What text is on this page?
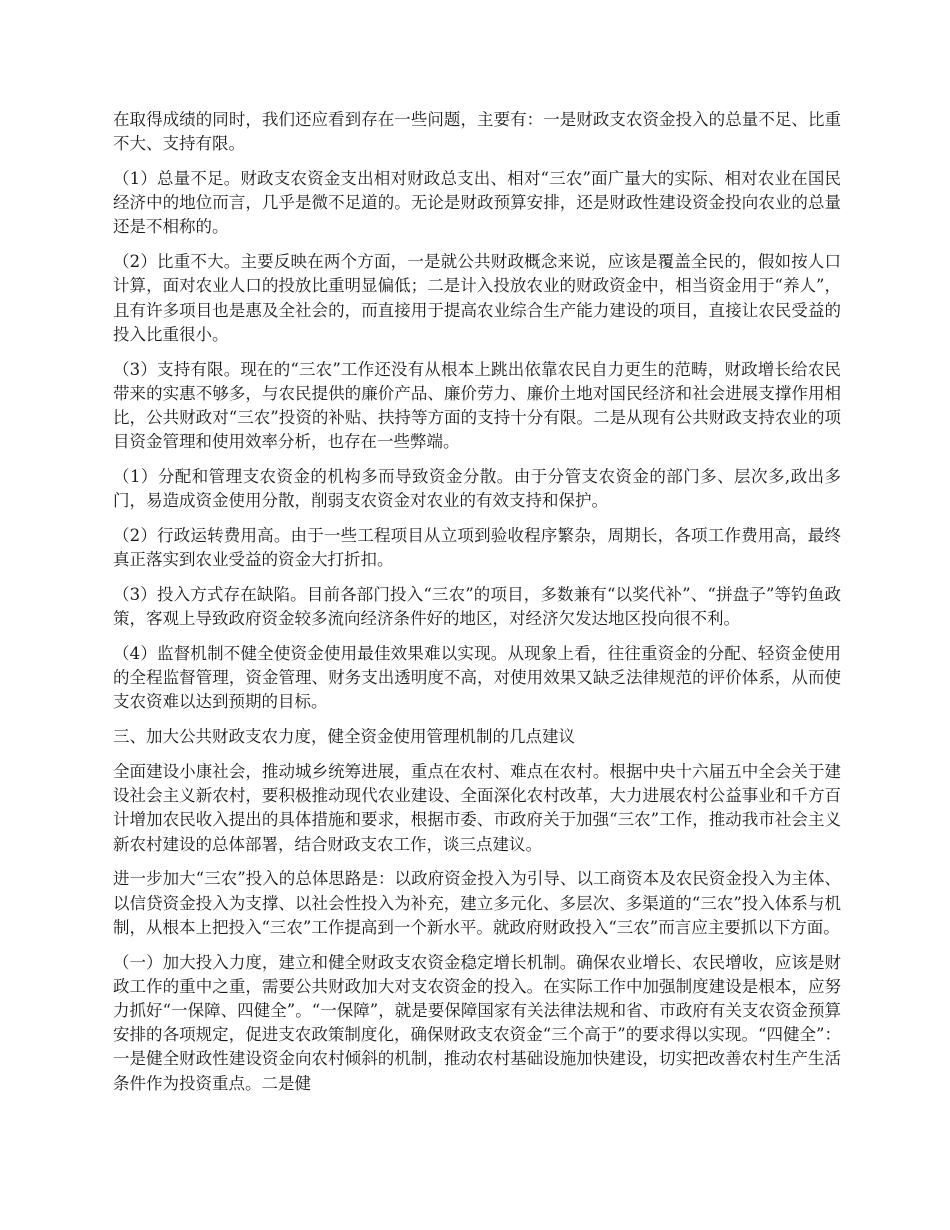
在取得成绩的同时，我们还应看到存在一些问题，主要有：一是财政支农资金投入的总量不足、比重不大、支持有限。

（1）总量不足。财政支农资金支出相对财政总支出、相对“三农”面广量大的实际、相对农业在国民经济中的地位而言，几乎是微不足道的。无论是财政预算安排，还是财政性建设资金投向农业的总量还是不相称的。

（2）比重不大。主要反映在两个方面，一是就公共财政概念来说，应该是覆盖全民的，假如按人口计算，面对农业人口的投放比重明显偏低；二是计入投放农业的财政资金中，相当资金用于“养人”，且有许多项目也是惠及全社会的，而直接用于提高农业综合生产能力建设的项目，直接让农民受益的投入比重很小。

（3）支持有限。现在的“三农”工作还没有从根本上跳出依靠农民自力更生的范畴，财政增长给农民带来的实惠不够多，与农民提供的廉价产品、廉价劳力、廉价土地对国民经济和社会进展支撑作用相比，公共财政对“三农”投资的补贴、扶持等方面的支持十分有限。二是从现有公共财政支持农业的项目资金管理和使用效率分析，也存在一些弊端。

（1）分配和管理支农资金的机构多而导致资金分散。由于分管支农资金的部门多、层次多,政出多门，易造成资金使用分散，削弱支农资金对农业的有效支持和保护。

（2）行政运转费用高。由于一些工程项目从立项到验收程序繁杂，周期长，各项工作费用高，最终真正落实到农业受益的资金大打折扣。

（3）投入方式存在缺陷。目前各部门投入“三农”的项目，多数兼有“以奖代补”、“拼盘子”等钓鱼政策，客观上导致政府资金较多流向经济条件好的地区，对经济欠发达地区投向很不利。

（4）监督机制不健全使资金使用最佳效果难以实现。从现象上看，往往重资金的分配、轻资金使用的全程监督管理，资金管理、财务支出透明度不高，对使用效果又缺乏法律规范的评价体系，从而使支农资难以达到预期的目标。

三、加大公共财政支农力度，健全资金使用管理机制的几点建议

全面建设小康社会，推动城乡统筹进展，重点在农村、难点在农村。根据中央十六届五中全会关于建设社会主义新农村，要积极推动现代农业建设、全面深化农村改革，大力进展农村公益事业和千方百计增加农民收入提出的具体措施和要求，根据市委、市政府关于加强“三农”工作，推动我市社会主义新农村建设的总体部署，结合财政支农工作，谈三点建议。

进一步加大“三农”投入的总体思路是：以政府资金投入为引导、以工商资本及农民资金投入为主体、以信贷资金投入为支撑、以社会性投入为补充，建立多元化、多层次、多渠道的“三农”投入体系与机制，从根本上把投入“三农”工作提高到一个新水平。就政府财政投入“三农”而言应主要抓以下方面。

（一）加大投入力度，建立和健全财政支农资金稳定增长机制。确保农业增长、农民增收，应该是财政工作的重中之重，需要公共财政加大对支农资金的投入。在实际工作中加强制度建设是根本，应努力抓好“一保障、四健全”。“一保障”，就是要保障国家有关法律法规和省、市政府有关支农资金预算安排的各项规定，促进支农政策制度化，确保财政支农资金“三个高于”的要求得以实现。“四健全”：一是健全财政性建设资金向农村倾斜的机制，推动农村基础设施加快建设，切实把改善农村生产生活条件作为投资重点。二是健
